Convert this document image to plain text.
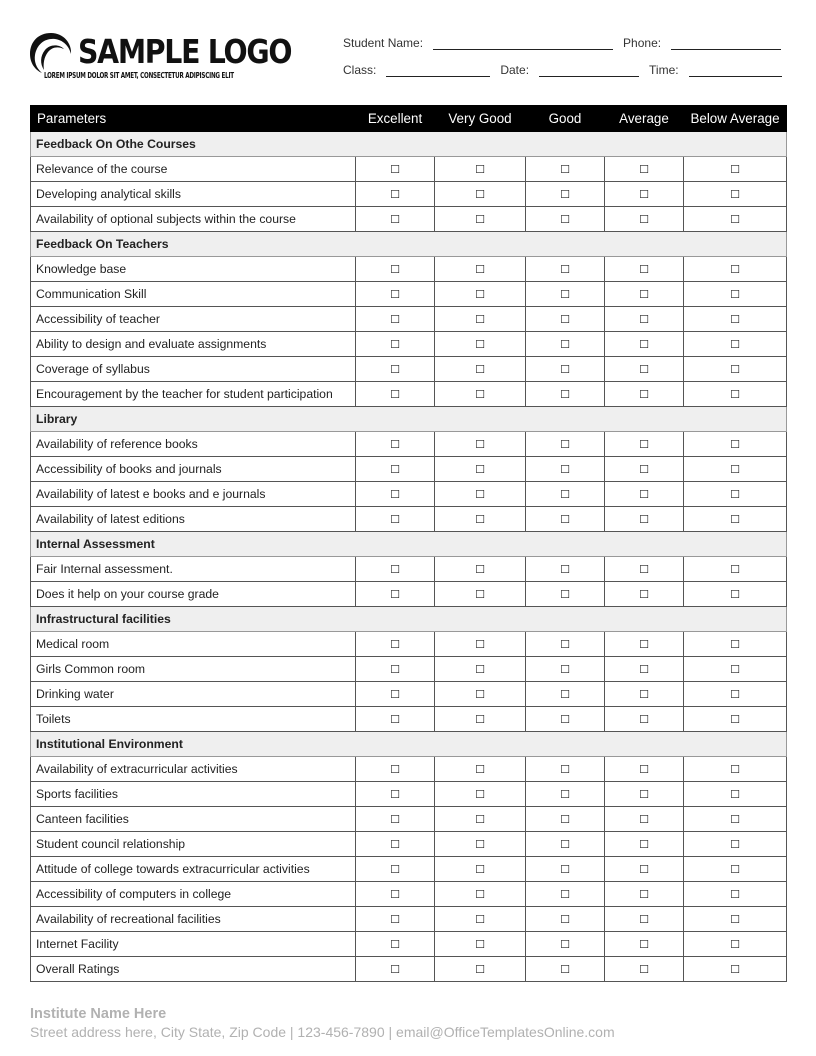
SAMPLE LOGO
LOREM IPSUM DOLOR SIT AMET, CONSECTETUR ADIPISCING ELIT
Student Name:	Phone:
Class:	Date:	Time:
Parameters	Excellent	Very Good	Good	Average	Below Average
Feedback On Othe Courses					
Relevance of the course	☐	☐	☐	☐	☐
Developing analytical skills	☐	☐	☐	☐	☐
Availability of optional subjects within the course	☐	☐	☐	☐	☐
Feedback On Teachers					
Knowledge base	☐	☐	☐	☐	☐
Communication Skill	☐	☐	☐	☐	☐
Accessibility of teacher	☐	☐	☐	☐	☐
Ability to design and evaluate assignments	☐	☐	☐	☐	☐
Coverage of syllabus	☐	☐	☐	☐	☐
Encouragement by the teacher for student participation	☐	☐	☐	☐	☐
Library					
Availability of reference books	☐	☐	☐	☐	☐
Accessibility of books and journals	☐	☐	☐	☐	☐
Availability of latest e books and e journals	☐	☐	☐	☐	☐
Availability of latest editions	☐	☐	☐	☐	☐
Internal Assessment					
Fair Internal assessment.	☐	☐	☐	☐	☐
Does it help on your course grade	☐	☐	☐	☐	☐
Infrastructural facilities					
Medical room	☐	☐	☐	☐	☐
Girls Common room	☐	☐	☐	☐	☐
Drinking water	☐	☐	☐	☐	☐
Toilets	☐	☐	☐	☐	☐
Institutional Environment					
Availability of extracurricular activities	☐	☐	☐	☐	☐
Sports facilities	☐	☐	☐	☐	☐
Canteen facilities	☐	☐	☐	☐	☐
Student council relationship	☐	☐	☐	☐	☐
Attitude of college towards extracurricular activities	☐	☐	☐	☐	☐
Accessibility of computers in college	☐	☐	☐	☐	☐
Availability of recreational facilities	☐	☐	☐	☐	☐
Internet Facility	☐	☐	☐	☐	☐
Overall Ratings	☐	☐	☐	☐	☐
Institute Name Here
Street address here, City State, Zip Code | 123-456-7890 | email@OfficeTemplatesOnline.com
